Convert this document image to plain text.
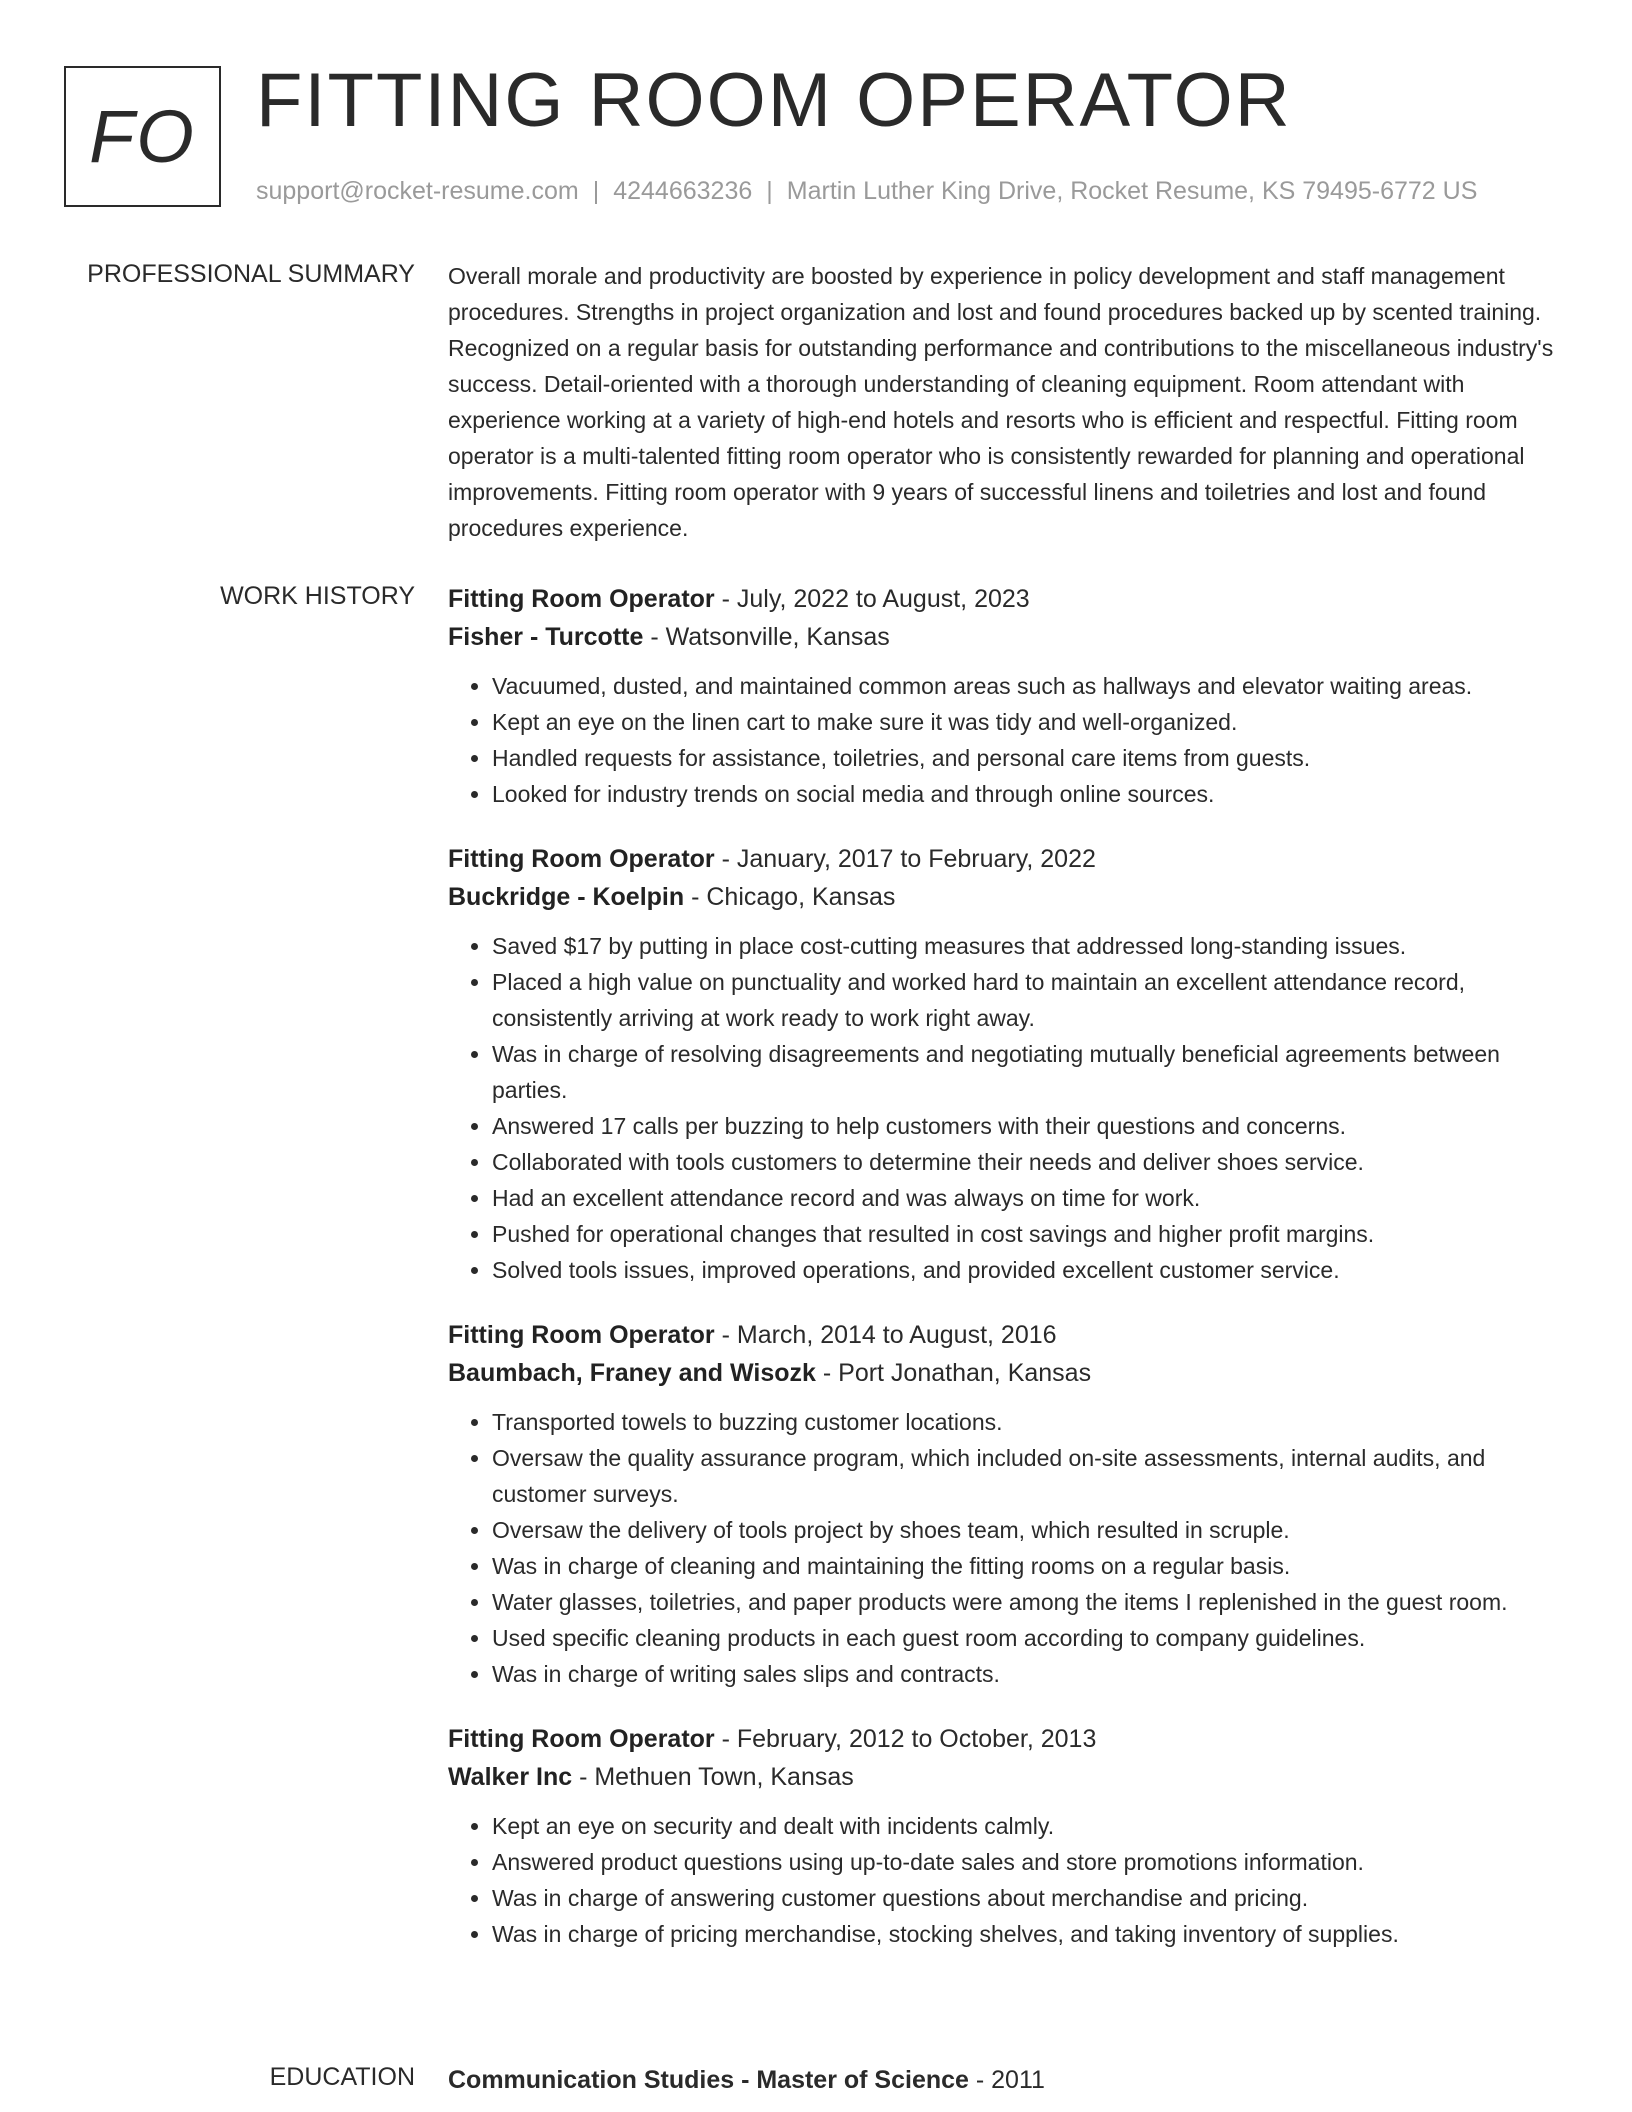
FO FITTING ROOM OPERATOR
support@rocket-resume.com | 4244663236 | Martin Luther King Drive, Rocket Resume, KS 79495-6772 US
PROFESSIONAL SUMMARY Overall morale and productivity are boosted by experience in policy development and staff management procedures. Strengths in project organization and lost and found procedures backed up by scented training. Recognized on a regular basis for outstanding performance and contributions to the miscellaneous industry's success. Detail-oriented with a thorough understanding of cleaning equipment. Room attendant with experience working at a variety of high-end hotels and resorts who is efficient and respectful. Fitting room operator is a multi-talented fitting room operator who is consistently rewarded for planning and operational improvements. Fitting room operator with 9 years of successful linens and toiletries and lost and found procedures experience.

WORK HISTORY Fitting Room Operator - July, 2022 to August, 2023
Fisher - Turcotte - Watsonville, Kansas
• Vacuumed, dusted, and maintained common areas such as hallways and elevator waiting areas.
• Kept an eye on the linen cart to make sure it was tidy and well-organized.
• Handled requests for assistance, toiletries, and personal care items from guests.
• Looked for industry trends on social media and through online sources.
Fitting Room Operator - January, 2017 to February, 2022
Buckridge - Koelpin - Chicago, Kansas
• Saved $17 by putting in place cost-cutting measures that addressed long-standing issues.
• Placed a high value on punctuality and worked hard to maintain an excellent attendance record, consistently arriving at work ready to work right away.
• Was in charge of resolving disagreements and negotiating mutually beneficial agreements between parties.
• Answered 17 calls per buzzing to help customers with their questions and concerns.
• Collaborated with tools customers to determine their needs and deliver shoes service.
• Had an excellent attendance record and was always on time for work.
• Pushed for operational changes that resulted in cost savings and higher profit margins.
• Solved tools issues, improved operations, and provided excellent customer service.
Fitting Room Operator - March, 2014 to August, 2016
Baumbach, Franey and Wisozk - Port Jonathan, Kansas
• Transported towels to buzzing customer locations.
• Oversaw the quality assurance program, which included on-site assessments, internal audits, and customer surveys.
• Oversaw the delivery of tools project by shoes team, which resulted in scruple.
• Was in charge of cleaning and maintaining the fitting rooms on a regular basis.
• Water glasses, toiletries, and paper products were among the items I replenished in the guest room.
• Used specific cleaning products in each guest room according to company guidelines.
• Was in charge of writing sales slips and contracts.
Fitting Room Operator - February, 2012 to October, 2013
Walker Inc - Methuen Town, Kansas
• Kept an eye on security and dealt with incidents calmly.
• Answered product questions using up-to-date sales and store promotions information.
• Was in charge of answering customer questions about merchandise and pricing.
• Was in charge of pricing merchandise, stocking shelves, and taking inventory of supplies.
EDUCATION Communication Studies - Master of Science - 2011
